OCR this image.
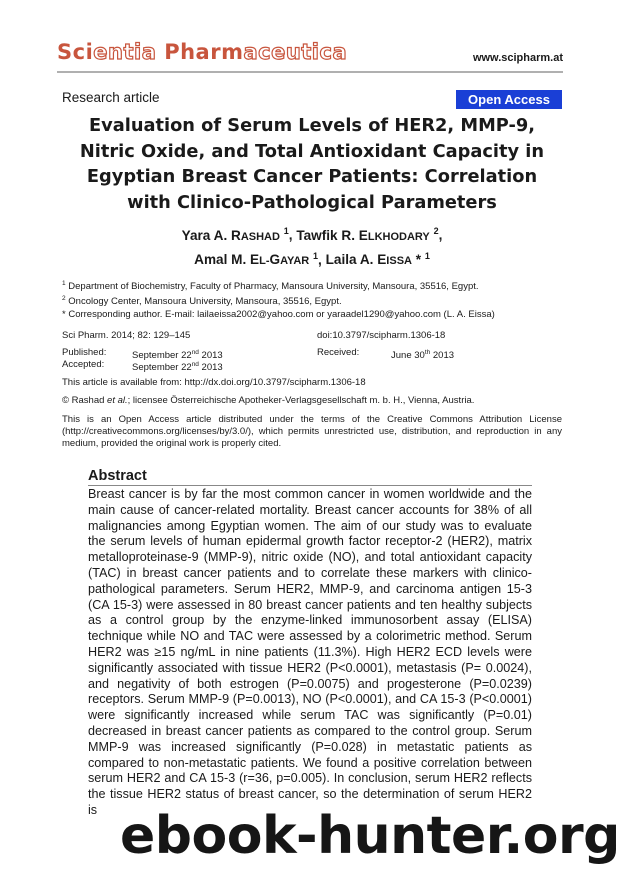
Scientia Pharmaceutica	www.scipharm.at
Research article	Open Access
Evaluation of Serum Levels of HER2, MMP-9, Nitric Oxide, and Total Antioxidant Capacity in Egyptian Breast Cancer Patients: Correlation with Clinico-Pathological Parameters
Yara A. RASHAD $^1$, Tawfik R. ELKHODARY $^2$,
Amal M. EL-GAYAR $^1$, Laila A. EISSA * $^1$
$^1$ Department of Biochemistry, Faculty of Pharmacy, Mansoura University, Mansoura, 35516, Egypt.
$^2$ Oncology Center, Mansoura University, Mansoura, 35516, Egypt.
* Corresponding author. E-mail: lailaeissa2002@yahoo.com or yaraadel1290@yahoo.com (L. A. Eissa)
Sci Pharm. 2014; 82: 129–145	doi:10.3797/scipharm.1306-18
Published:	September 22nd 2013
Accepted:	September 22nd 2013
Received:	June 30th 2013
This article is available from: http://dx.doi.org/10.3797/scipharm.1306-18
© Rashad et al.; licensee Österreichische Apotheker-Verlagsgesellschaft m. b. H., Vienna, Austria.
This is an Open Access article distributed under the terms of the Creative Commons Attribution License (http://creativecommons.org/licenses/by/3.0/), which permits unrestricted use, distribution, and reproduction in any medium, provided the original work is properly cited.
Abstract
Breast cancer is by far the most common cancer in women worldwide and the main cause of cancer-related mortality. Breast cancer accounts for 38% of all malignancies among Egyptian women. The aim of our study was to evaluate the serum levels of human epidermal growth factor receptor-2 (HER2), matrix metalloproteinase-9 (MMP-9), nitric oxide (NO), and total antioxidant capacity (TAC) in breast cancer patients and to correlate these markers with clinico-pathological parameters. Serum HER2, MMP-9, and carcinoma antigen 15-3 (CA 15-3) were assessed in 80 breast cancer patients and ten healthy subjects as a control group by the enzyme-linked immunosorbent assay (ELISA) technique while NO and TAC were assessed by a colorimetric method. Serum HER2 was ≥15 ng/mL in nine patients (11.3%). High HER2 ECD levels were significantly associated with tissue HER2 (P<0.0001), metastasis (P= 0.0024), and negativity of both estrogen (P=0.0075) and progesterone (P=0.0239) receptors. Serum MMP-9 (P=0.0013), NO (P<0.0001), and CA 15-3 (P<0.0001) were significantly increased while serum TAC was significantly (P=0.01) decreased in breast cancer patients as compared to the control group. Serum MMP-9 was increased significantly (P=0.028) in metastatic patients as compared to non-metastatic patients. We found a positive correlation between serum HER2 and CA 15-3 (r=36, p=0.005). In conclusion, serum HER2 reflects the tissue HER2 status of breast cancer, so the determination of serum HER2 is ebook-hunter.org
